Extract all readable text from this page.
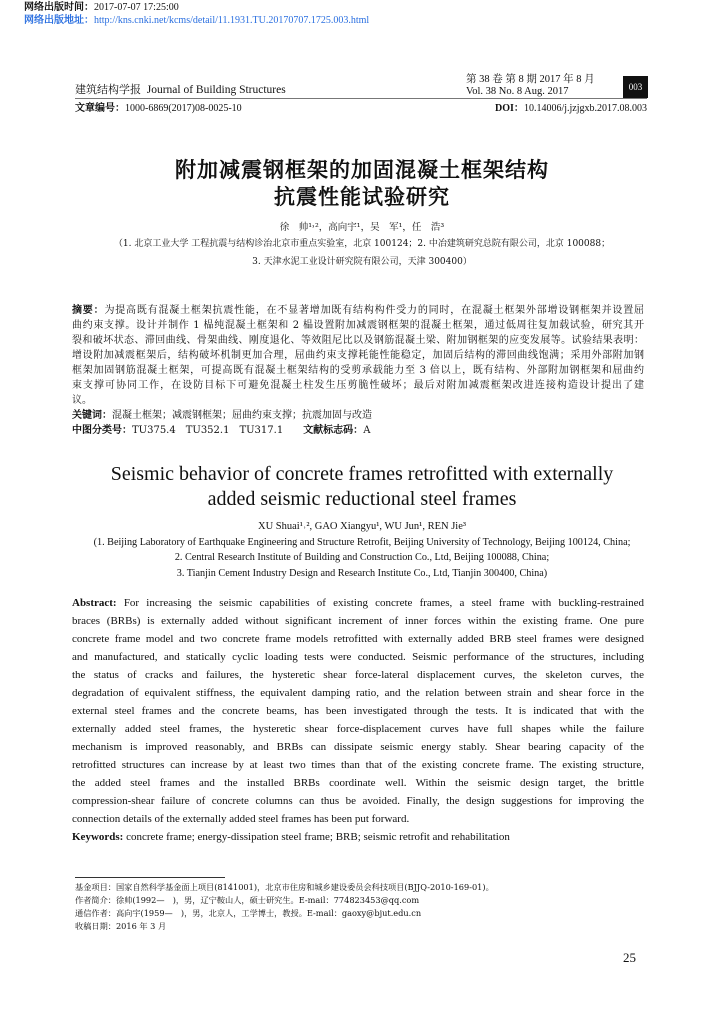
网络出版时间：2017-07-07 17:25:00
网络出版地址：http://kns.cnki.net/kcms/detail/11.1931.TU.20170707.1725.003.html
建筑结构学报 Journal of Building Structures
第 38 卷 第 8 期 2017 年 8 月
Vol. 38 No. 8 Aug. 2017	003
文章编号：1000-6869(2017)08-0025-10	DOI：10.14006/j.jzjgxb.2017.08.003
附加减震钢框架的加固混凝土框架结构
抗震性能试验研究
徐　帅¹˒²，高向宇¹，吴　军¹，任　浩³
（1. 北京工业大学 工程抗震与结构诊治北京市重点实验室，北京 100124；2. 中冶建筑研究总院有限公司，北京 100088；
3. 天津水泥工业设计研究院有限公司，天津 300400）
摘要：为提高既有混凝土框架抗震性能，在不显著增加既有结构构件受力的同时，在混凝土框架外部增设钢框架并设置屈
曲约束支撑。设计并制作 1 榀纯混凝土框架和 2 榀设置附加减震钢框架的混凝土框架，通过低周往复加载试验，研究其开
裂和破坏状态、滞回曲线、骨架曲线、刚度退化、等效阻尼比以及钢筋混凝土梁、附加钢框架的应变发展等。试验结果表明：
增设附加减震框架后，结构破坏机制更加合理，屈曲约束支撑耗能性能稳定，加固后结构的滞回曲线饱满；采用外部附加钢
框架加固钢筋混凝土框架，可提高既有混凝土框架结构的受剪承载能力至 3 倍以上，既有结构、外部附加钢框架和屈曲约
束支撑可协同工作，在设防目标下可避免混凝土柱发生压剪脆性破坏；最后对附加减震框架改进连接构造设计提出了建
议。
关键词：混凝土框架；减震钢框架；屈曲约束支撑；抗震加固与改造
中图分类号：TU375.4　TU352.1　TU317.1   文献标志码：A
Seismic behavior of concrete frames retrofitted with externally
added seismic reductional steel frames
XU Shuai¹˒², GAO Xiangyu¹, WU Jun¹, REN Jie³
(1. Beijing Laboratory of Earthquake Engineering and Structure Retrofit, Beijing University of Technology, Beijing 100124, China;
2. Central Research Institute of Building and Construction Co., Ltd, Beijing 100088, China;
3. Tianjin Cement Industry Design and Research Institute Co., Ltd, Tianjin 300400, China)
Abstract: For increasing the seismic capabilities of existing concrete frames, a steel frame with buckling-restrained
braces (BRBs) is externally added without significant increment of inner forces within the existing frame. One pure
concrete frame model and two concrete frame models retrofitted with externally added BRB steel frames were designed
and manufactured, and statically cyclic loading tests were conducted. Seismic performance of the structures, including
the status of cracks and failures, the hysteretic shear force-lateral displacement curves, the skeleton curves, the
degradation of equivalent stiffness, the equivalent damping ratio, and the relation between strain and shear force in the
external steel frames and the concrete beams, has been investigated through the tests. It is indicated that with the
externally added steel frames, the hysteretic shear force-displacement curves have full shapes while the failure
mechanism is improved reasonably, and BRBs can dissipate seismic energy stably. Shear bearing capacity of the
retrofitted structures can increase by at least two times than that of the existing concrete frame. The existing structure,
the added steel frames and the installed BRBs coordinate well. Within the seismic design target, the brittle
compression-shear failure of concrete columns can thus be avoided. Finally, the design suggestions for improving the
connection details of the externally added steel frames has been put forward.
Keywords: concrete frame; energy-dissipation steel frame; BRB; seismic retrofit and rehabilitation
基金项目：国家自然科学基金面上项目(8141001)，北京市住房和城乡建设委员会科技项目(BJJQ-2010-169-01)。
作者简介：徐帅(1992—　)，男，辽宁鞍山人，硕士研究生。E-mail：774823453@qq.com
通信作者：高向宇(1959—　)，男，北京人，工学博士，教授。E-mail：gaoxy@bjut.edu.cn
收稿日期：2016 年 3 月
25
